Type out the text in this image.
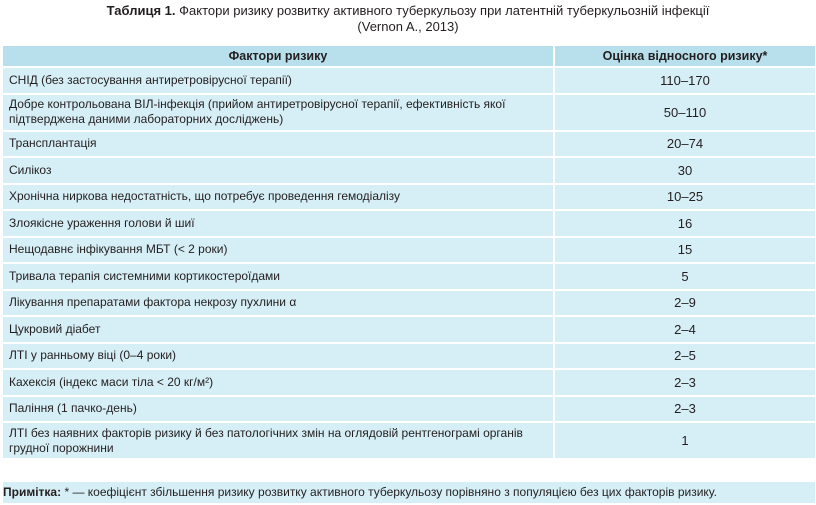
Таблиця 1. Фактори ризику розвитку активного туберкульозу при латентній туберкульозній інфекції
(Vernon A., 2013)
Фактори ризику	Оцінка відносного ризику*
СНІД (без застосування антиретровірусної терапії)	110–170
Добре контрольована ВІЛ-інфекція (прийом антиретровірусної терапії, ефективність якої підтверджена даними лабораторних досліджень)	50–110
Трансплантація	20–74
Силікоз	30
Хронічна ниркова недостатність, що потребує проведення гемодіалізу	10–25
Злоякісне ураження голови й шиї	16
Нещодавнє інфікування МБТ (< 2 роки)	15
Тривала терапія системними кортикостероїдами	5
Лікування препаратами фактора некрозу пухлини α	2–9
Цукровий діабет	2–4
ЛТІ у ранньому віці (0–4 роки)	2–5
Кахексія (індекс маси тіла < 20 кг/м²)	2–3
Паління (1 пачко-день)	2–3
ЛТІ без наявних факторів ризику й без патологічних змін на оглядовій рентгенограмі органів грудної порожнини	1
Примітка: * — коефіцієнт збільшення ризику розвитку активного туберкульозу порівняно з популяцією без цих факторів ризику.
